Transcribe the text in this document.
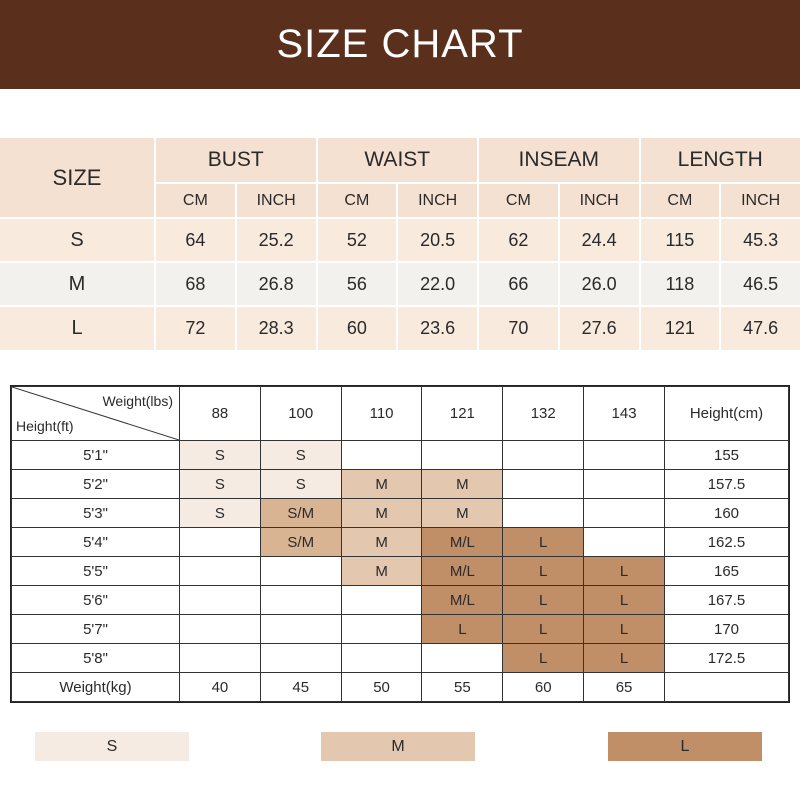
SIZE CHART
SIZE
BUST	WAIST	INSEAM	LENGTH
CM	INCH	CM	INCH	CM	INCH	CM	INCH
S	64	25.2	52	20.5	62	24.4	115	45.3
M	68	26.8	56	22.0	66	26.0	118	46.5
L	72	28.3	60	23.6	70	27.6	121	47.6
Weight(lbs)
Height(ft)	88	100	110	121	132	143	Height(cm)
5'1"	S	S					155
5'2"	S	S	M	M			157.5
5'3"	S	S/M	M	M			160
5'4"		S/M	M	M/L	L		162.5
5'5"			M	M/L	L	L	165
5'6"				M/L	L	L	167.5
5'7"				L	L	L	170
5'8"					L	L	172.5
Weight(kg)	40	45	50	55	60	65	
S	M	L
